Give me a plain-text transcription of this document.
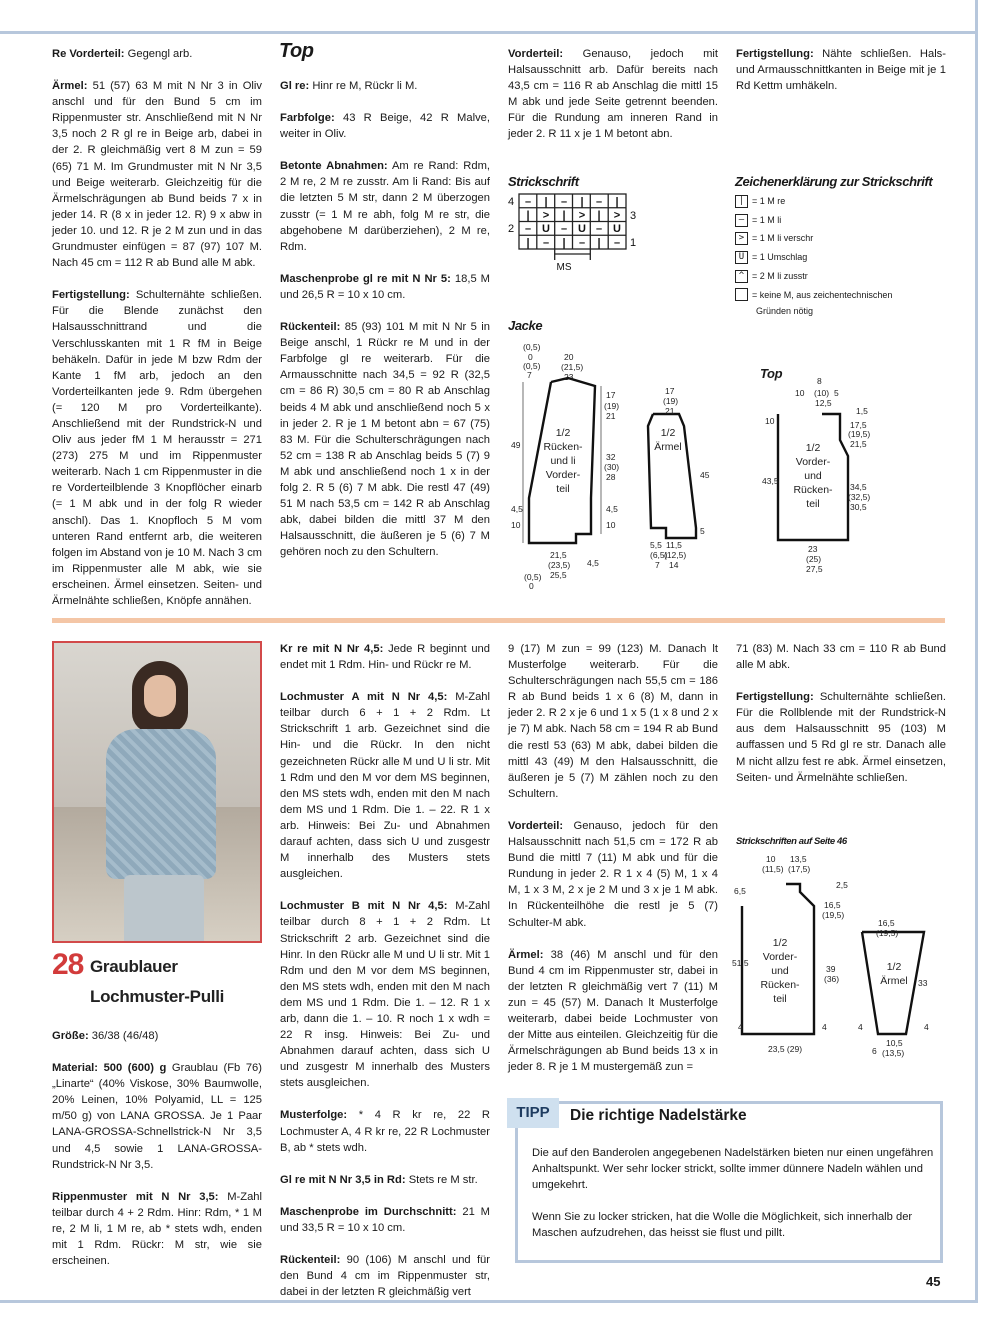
Re Vorderteil: Gegengl arb.

Ärmel: 51 (57) 63 M mit N Nr 3 in Oliv anschl und für den Bund 5 cm im Rippenmuster str. Anschließend mit N Nr 3,5 noch 2 R gl re in Beige arb, dabei in der 2. R gleichmäßig vert 8 M zun = 59 (65) 71 M. Im Grundmuster mit N Nr 3,5 und Beige weiterarb. Gleichzeitig für die Ärmelschrägungen ab Bund beids 7 x in jeder 14. R (8 x in jeder 12. R) 9 x abw in jeder 10. und 12. R je 2 M zun und in das Grundmuster einfügen = 87 (97) 107 M. Nach 45 cm = 112 R ab Bund alle M abk.

Fertigstellung: Schulternähte schließen. Für die Blende zunächst den Halsausschnittrand und die Verschlusskanten mit 1 R fM in Beige behäkeln. Dafür in jede M bzw Rdm der Kante 1 fM arb, jedoch an den Vorderteilkanten jede 9. Rdm übergehen (= 120 M pro Vorderteilkante). Anschließend mit der Rundstrick-N und Oliv aus jeder fM 1 M herausstr = 271 (273) 275 M und im Rippenmuster weiterarb. Nach 1 cm Rippenmuster in die re Vorderteilblende 3 Knopflöcher einarb (= 1 M abk und in der folg R wieder anschl). Das 1. Knopfloch 5 M vom unteren Rand entfernt arb, die weiteren folgen im Abstand von je 10 M. Nach 3 cm im Rippenmuster alle M abk, wie sie erscheinen. Ärmel einsetzen. Seiten- und Ärmelnähte schließen, Knöpfe annähen.

Top

Gl re: Hinr re M, Rückr li M.

Farbfolge: 43 R Beige, 42 R Malve, weiter in Oliv.

Betonte Abnahmen: Am re Rand: Rdm, 2 M re, 2 M re zusstr. Am li Rand: Bis auf die letzten 5 M str, dann 2 M überzogen zusstr (= 1 M re abh, folg M re str, die abgehobene M darüberziehen), 2 M re, Rdm.

Maschenprobe gl re mit N Nr 5: 18,5 M und 26,5 R = 10 x 10 cm.

Rückenteil: 85 (93) 101 M mit N Nr 5 in Beige anschl, 1 Rückr re M und in der Farbfolge gl re weiterarb. Für die Armausschnitte nach 34,5 = 92 R (32,5 cm = 86 R) 30,5 cm = 80 R ab Anschlag beids 4 M abk und anschließend noch 5 x in jeder 2. R je 1 M betont abn = 67 (75) 83 M. Für die Schulterschrägungen nach 52 cm = 138 R ab Anschlag beids 5 (7) 9 M abk und anschließend noch 1 x in der folg 2. R 5 (6) 7 M abk. Die restl 47 (49) 51 M nach 53,5 cm = 142 R ab Anschlag abk, dabei bilden die mittl 37 M den Halsausschnitt, die äußeren je 5 (6) 7 M gehören noch zu den Schultern.

Vorderteil: Genauso, jedoch mit Halsausschnitt arb. Dafür bereits nach 43,5 cm = 116 R ab Anschlag die mittl 15 M abk und jede Seite getrennt beenden. Für die Rundung am inneren Rand in jeder 2. R 11 x je 1 M betont abn.

Fertigstellung: Nähte schließen. Hals- und Armausschnittkanten in Beige mit je 1 Rd Kettm umhäkeln.

Strickschrift
– | – | – |
| > | > | >
– U – U – U
| – | – | –
4
3
2
1
MS
Zeichenerklärung zur Strickschrift
| = 1 M re
– = 1 M li
> = 1 M li verschr
U = 1 Umschlag
^ = 2 M li zusstr
= keine M, aus zeichentechnischen
Gründen nötig
Jacke
1/2
Rücken-
und li
Vorder-
teil
1/2
Ärmel
(0,5)
0
(0,5)
7
20
(21,5)
23
17
(19)
21
49
32
(30)
28
4,5
10
4,5
10
21,5
(23,5)
25,5
(0,5)
0
4,5
17
(19)
21
45
5
5,5
(6,5)
7
11,5
(12,5)
14
Top
1/2
Vorder-
und
Rücken-
teil
8
10 (10) 5
12,5
1,5
10	17,5
(19,5)
21,5
43,5
34,5
(32,5)
30,5
23
(25)
27,5
28 Graublauer
Lochmuster-Pulli

Größe: 36/38 (46/48)

Material: 500 (600) g Graublau (Fb 76) „Linarte“ (40% Viskose, 30% Baumwolle, 20% Leinen, 10% Polyamid, LL = 125 m/50 g) von LANA GROSSA. Je 1 Paar LANA-GROSSA-Schnellstrick-N Nr 3,5 und 4,5 sowie 1 LANA-GROSSA-Rundstrick-N Nr 3,5.

Rippenmuster mit N Nr 3,5: M-Zahl teilbar durch 4 + 2 Rdm. Hinr: Rdm, * 1 M re, 2 M li, 1 M re, ab * stets wdh, enden mit 1 Rdm. Rückr: M str, wie sie erscheinen.

Kr re mit N Nr 4,5: Jede R beginnt und endet mit 1 Rdm. Hin- und Rückr re M.

Lochmuster A mit N Nr 4,5: M-Zahl teilbar durch 6 + 1 + 2 Rdm. Lt Strickschrift 1 arb. Gezeichnet sind die Hin- und die Rückr. In den nicht gezeichneten Rückr alle M und U li str. Mit 1 Rdm und den M vor dem MS beginnen, den MS stets wdh, enden mit den M nach dem MS und 1 Rdm. Die 1. – 22. R 1 x arb. Hinweis: Bei Zu- und Abnahmen darauf achten, dass sich U und zusgestr M innerhalb des Musters stets ausgleichen.

Lochmuster B mit N Nr 4,5: M-Zahl teilbar durch 8 + 1 + 2 Rdm. Lt Strickschrift 2 arb. Gezeichnet sind die Hinr. In den Rückr alle M und U li str. Mit 1 Rdm und den M vor dem MS beginnen, den MS stets wdh, enden mit den M nach dem MS und 1 Rdm. Die 1. – 12. R 1 x arb, dann die 1. – 10. R noch 1 x wdh = 22 R insg. Hinweis: Bei Zu- und Abnahmen darauf achten, dass sich U und zusgestr M innerhalb des Musters stets ausgleichen.

Musterfolge: * 4 R kr re, 22 R Lochmuster A, 4 R kr re, 22 R Lochmuster B, ab * stets wdh.

Gl re mit N Nr 3,5 in Rd: Stets re M str.

Maschenprobe im Durchschnitt: 21 M und 33,5 R = 10 x 10 cm.

Rückenteil: 90 (106) M anschl und für den Bund 4 cm im Rippenmuster str, dabei in der letzten R gleichmäßig vert

9 (17) M zun = 99 (123) M. Danach lt Musterfolge weiterarb. Für die Schulterschrägungen nach 55,5 cm = 186 R ab Bund beids 1 x 6 (8) M, dann in jeder 2. R 2 x je 6 und 1 x 5 (1 x 8 und 2 x je 7) M abk. Nach 58 cm = 194 R ab Bund die restl 53 (63) M abk, dabei bilden die mittl 43 (49) M den Halsausschnitt, die äußeren je 5 (7) M zählen noch zu den Schultern.

Vorderteil: Genauso, jedoch für den Halsausschnitt nach 51,5 cm = 172 R ab Bund die mittl 7 (11) M abk und für die Rundung in jeder 2. R 1 x 4 (5) M, 1 x 4 M, 1 x 3 M, 2 x je 2 M und 3 x je 1 M abk. In Rückenteilhöhe die restl je 5 (7) Schulter-M abk.

Ärmel: 38 (46) M anschl und für den Bund 4 cm im Rippenmuster str, dabei in der letzten R gleichmäßig vert 7 (11) M zun = 45 (57) M. Danach lt Musterfolge weiterarb, dabei beide Lochmuster von der Mitte aus einteilen. Gleichzeitig für die Ärmelschrägungen ab Bund beids 13 x in jeder 8. R je 1 M mustergemäß zun =

71 (83) M. Nach 33 cm = 110 R ab Bund alle M abk.

Fertigstellung: Schulternähte schließen. Für die Rollblende mit der Rundstrick-N aus dem Halsausschnitt 95 (103) M auffassen und 5 Rd gl re str. Danach alle M nicht allzu fest re abk. Ärmel einsetzen, Seiten- und Ärmelnähte schließen.

Strickschriften auf Seite 46
1/2
Vorder-
und
Rücken-
teil
1/2
Ärmel
10 13,5
(11,5) (17,5)
2,5
6,5
16,5
(19,5)
51,5
39
(36)
16,5
(19,5)
33
4	4	4	4
23,5 (29)	6
10,5
(13,5)
TIPP	Die richtige Nadelstärke

Die auf den Banderolen angegebenen Nadelstärken bieten nur einen ungefähren Anhaltspunkt. Wer sehr locker strickt, sollte immer dünnere Nadeln wählen und umgekehrt.

Wenn Sie zu locker stricken, hat die Wolle die Möglichkeit, sich innerhalb der Maschen aufzudrehen, das heisst sie flust und pillt.

45
